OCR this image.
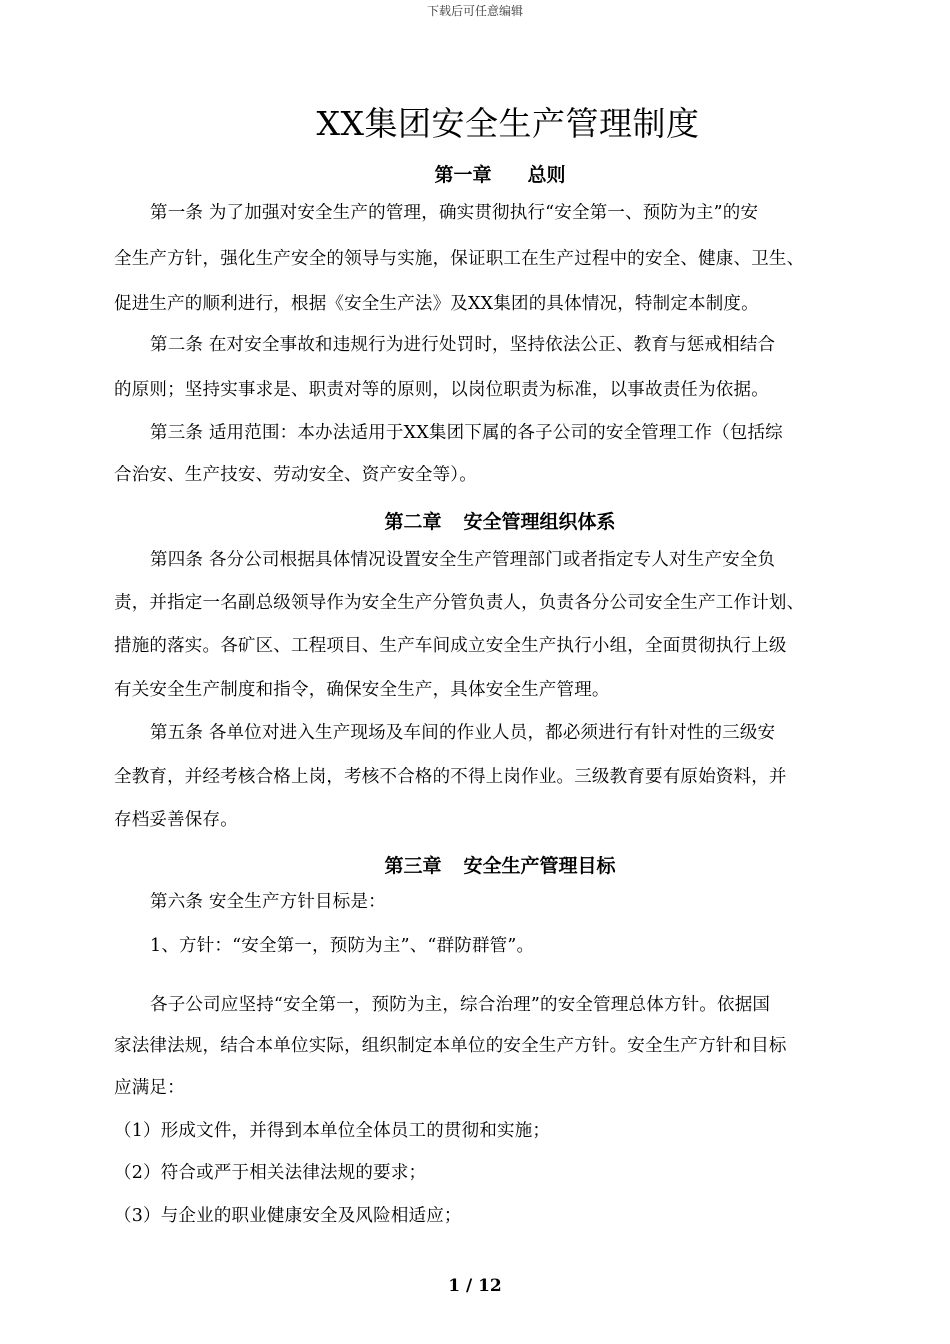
下载后可任意编辑
XX集团安全生产管理制度
第一章 总则
第一条 为了加强对安全生产的管理，确实贯彻执行“安全第一、预防为主”的安
全生产方针，强化生产安全的领导与实施，保证职工在生产过程中的安全、健康、卫生、
促进生产的顺利进行，根据《安全生产法》及XX集团的具体情况，特制定本制度。
第二条 在对安全事故和违规行为进行处罚时，坚持依法公正、教育与惩戒相结合
的原则；坚持实事求是、职责对等的原则，以岗位职责为标准，以事故责任为依据。
第三条 适用范围：本办法适用于XX集团下属的各子公司的安全管理工作（包括综
合治安、生产技安、劳动安全、资产安全等）。
第二章 安全管理组织体系
第四条 各分公司根据具体情况设置安全生产管理部门或者指定专人对生产安全负
责，并指定一名副总级领导作为安全生产分管负责人，负责各分公司安全生产工作计划、
措施的落实。各矿区、工程项目、生产车间成立安全生产执行小组，全面贯彻执行上级
有关安全生产制度和指令，确保安全生产，具体安全生产管理。
第五条 各单位对进入生产现场及车间的作业人员，都必须进行有针对性的三级安
全教育，并经考核合格上岗，考核不合格的不得上岗作业。三级教育要有原始资料，并
存档妥善保存。
第三章 安全生产管理目标
第六条 安全生产方针目标是：
1、方针：“安全第一，预防为主”、“群防群管”。
各子公司应坚持“安全第一，预防为主，综合治理”的安全管理总体方针。依据国
家法律法规，结合本单位实际，组织制定本单位的安全生产方针。安全生产方针和目标
应满足：
（1）形成文件，并得到本单位全体员工的贯彻和实施；
（2）符合或严于相关法律法规的要求；
（3）与企业的职业健康安全及风险相适应；
1 / 12
